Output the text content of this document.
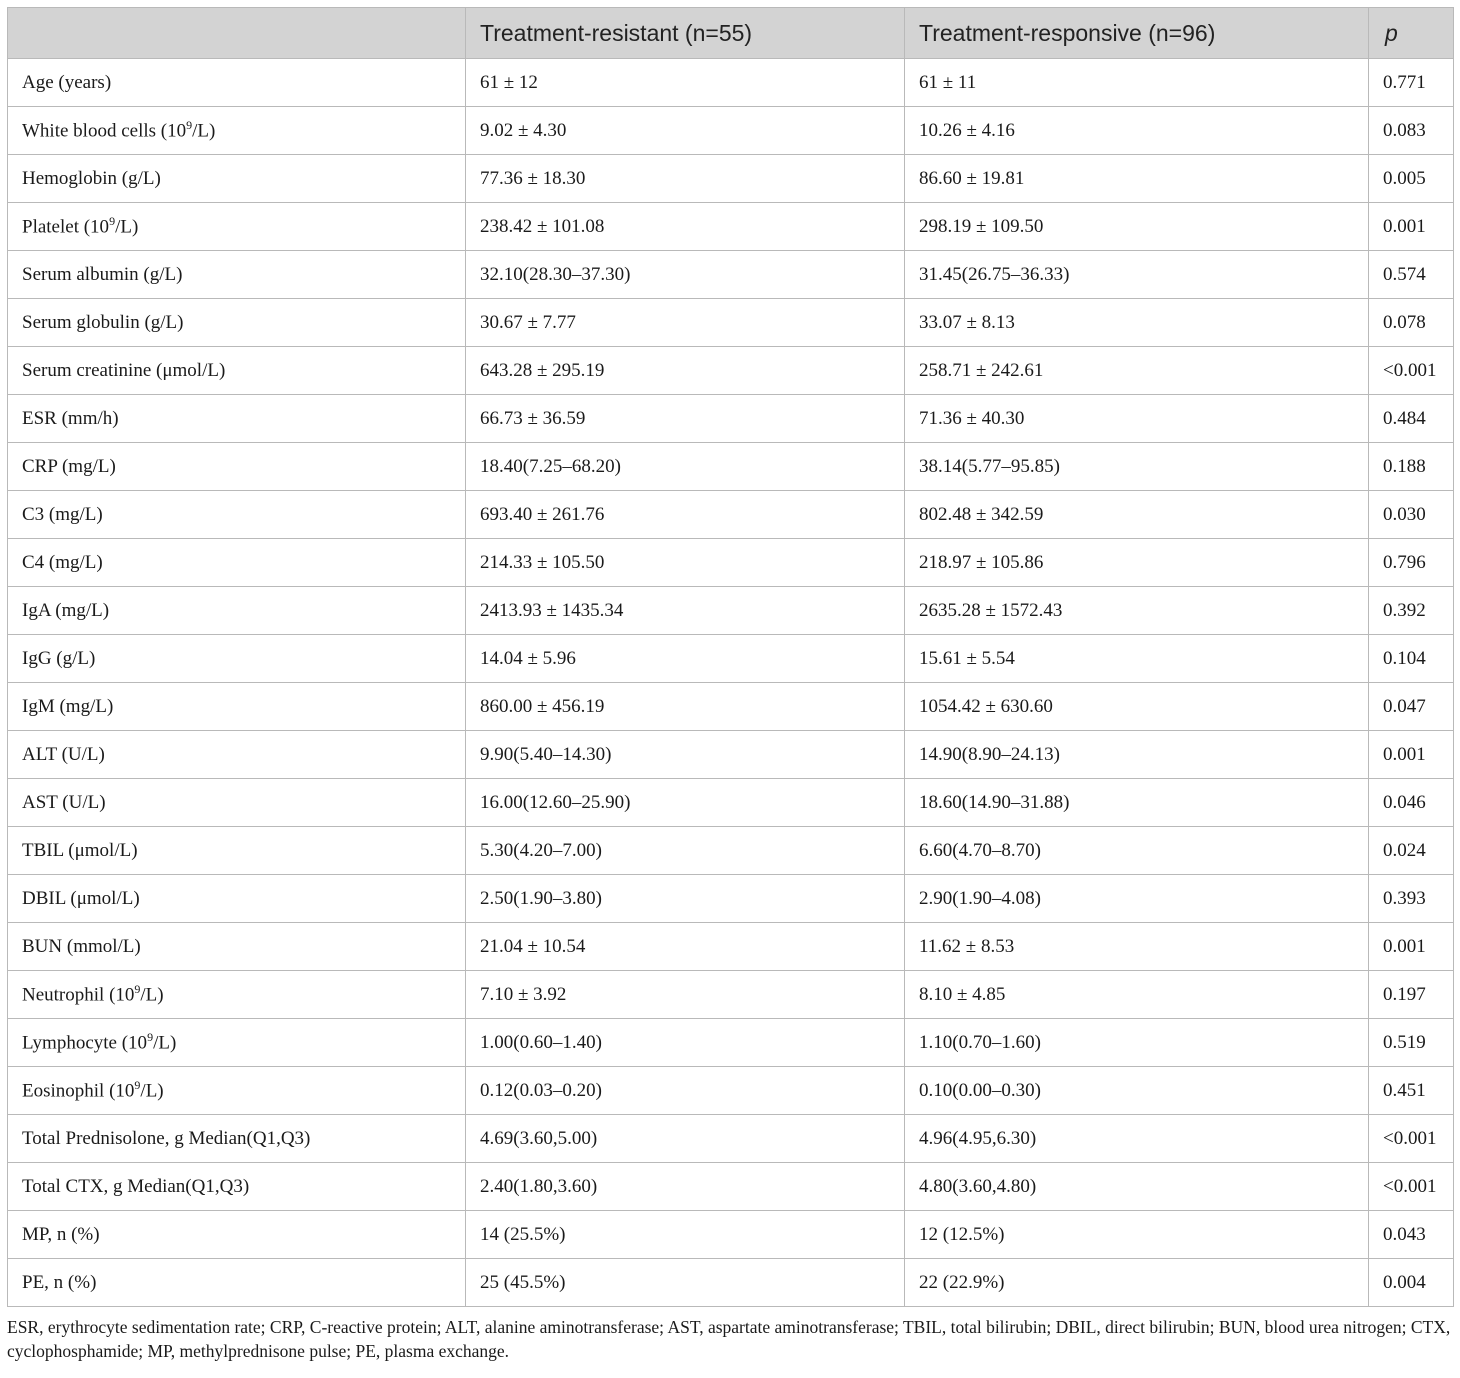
	Treatment-resistant (n=55)	Treatment-responsive (n=96)	p
Age (years)	61 ± 12	61 ± 11	0.771
White blood cells $(10^9/L)$	9.02 ± 4.30	10.26 ± 4.16	0.083
Hemoglobin (g/L)	77.36 ± 18.30	86.60 ± 19.81	0.005
Platelet $(10^9/L)$	238.42 ± 101.08	298.19 ± 109.50	0.001
Serum albumin (g/L)	32.10(28.30–37.30)	31.45(26.75–36.33)	0.574
Serum globulin (g/L)	30.67 ± 7.77	33.07 ± 8.13	0.078
Serum creatinine (μmol/L)	643.28 ± 295.19	258.71 ± 242.61	<0.001
ESR (mm/h)	66.73 ± 36.59	71.36 ± 40.30	0.484
CRP (mg/L)	18.40(7.25–68.20)	38.14(5.77–95.85)	0.188
C3 (mg/L)	693.40 ± 261.76	802.48 ± 342.59	0.030
C4 (mg/L)	214.33 ± 105.50	218.97 ± 105.86	0.796
IgA (mg/L)	2413.93 ± 1435.34	2635.28 ± 1572.43	0.392
IgG (g/L)	14.04 ± 5.96	15.61 ± 5.54	0.104
IgM (mg/L)	860.00 ± 456.19	1054.42 ± 630.60	0.047
ALT (U/L)	9.90(5.40–14.30)	14.90(8.90–24.13)	0.001
AST (U/L)	16.00(12.60–25.90)	18.60(14.90–31.88)	0.046
TBIL (μmol/L)	5.30(4.20–7.00)	6.60(4.70–8.70)	0.024
DBIL (μmol/L)	2.50(1.90–3.80)	2.90(1.90–4.08)	0.393
BUN (mmol/L)	21.04 ± 10.54	11.62 ± 8.53	0.001
Neutrophil $(10^9/L)$	7.10 ± 3.92	8.10 ± 4.85	0.197
Lymphocyte $(10^9/L)$	1.00(0.60–1.40)	1.10(0.70–1.60)	0.519
Eosinophil $(10^9/L)$	0.12(0.03–0.20)	0.10(0.00–0.30)	0.451
Total Prednisolone, g Median(Q1,Q3)	4.69(3.60,5.00)	4.96(4.95,6.30)	<0.001
Total CTX, g Median(Q1,Q3)	2.40(1.80,3.60)	4.80(3.60,4.80)	<0.001
MP, n (%)	14 (25.5%)	12 (12.5%)	0.043
PE, n (%)	25 (45.5%)	22 (22.9%)	0.004
ESR, erythrocyte sedimentation rate; CRP, C-reactive protein; ALT, alanine aminotransferase; AST, aspartate aminotransferase; TBIL, total bilirubin; DBIL, direct bilirubin; BUN, blood urea nitrogen; CTX, cyclophosphamide; MP, methylprednisone pulse; PE, plasma exchange.
